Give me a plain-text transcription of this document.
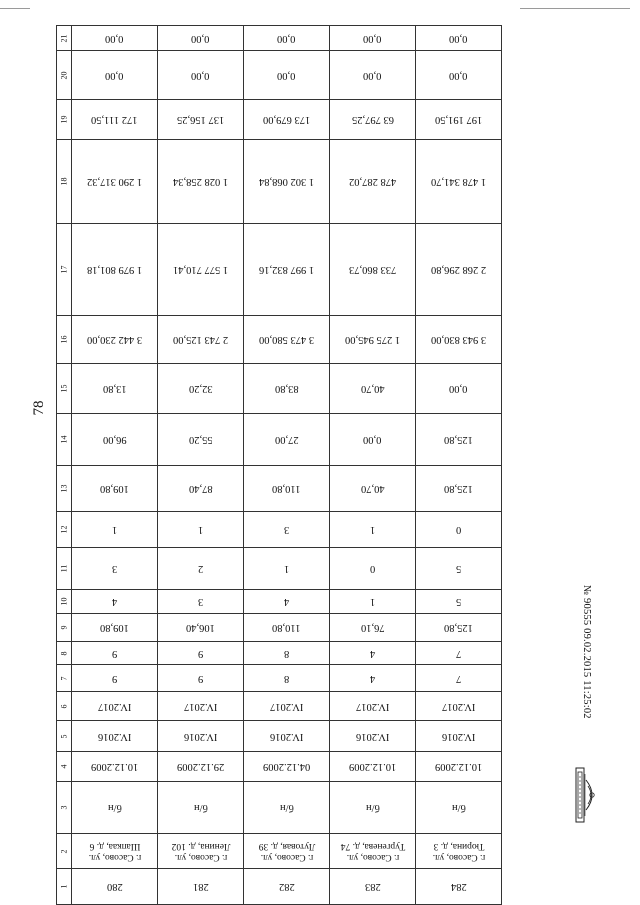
78
21	0,00	0,00	0,00	0,00	0,00
20	0,00	0,00	0,00	0,00	0,00
19	172 111,50	137 156,25	173 679,00	63 797,25	197 191,50
18	1 290 317,32	1 028 258,34	1 302 068,84	478 287,02	1 478 341,70
17	1 979 801,18	1 577 710,41	1 997 832,16	733 860,73	2 268 296,80
16	3 442 230,00	2 743 125,00	3 473 580,00	1 275 945,00	3 943 830,00
15	13,80	32,20	83,80	40,70	0,00
14	96,00	55,20	27,00	0,00	125,80
13	109,80	87,40	110,80	40,70	125,80
12	1	1	3	1	0
11	3	2	1	0	5
10	4	3	4	1	5
9	109,80	106,40	110,80	76,10	125,80
8	9	9	8	4	7
7	9	9	8	4	7
6	IV.2017	IV.2017	IV.2017	IV.2017	IV.2017
5	IV.2016	IV.2016	IV.2016	IV.2016	IV.2016
4	10.12.2009	29.12.2009	04.12.2009	10.12.2009	10.12.2009
3	б/н	б/н	б/н	б/н	б/н
2	г. Сасово, ул. Шапкаа, д. 6	г. Сасово, ул. Ленина, д. 102	г. Сасово, ул. Лутовая, д. 39	г. Сасово, ул. Тургенева, д. 74	г. Сасово, ул. Тюрина, д. 3
1	280	281	282	283	284
№ 90555 09.02.2015 11:25:02
